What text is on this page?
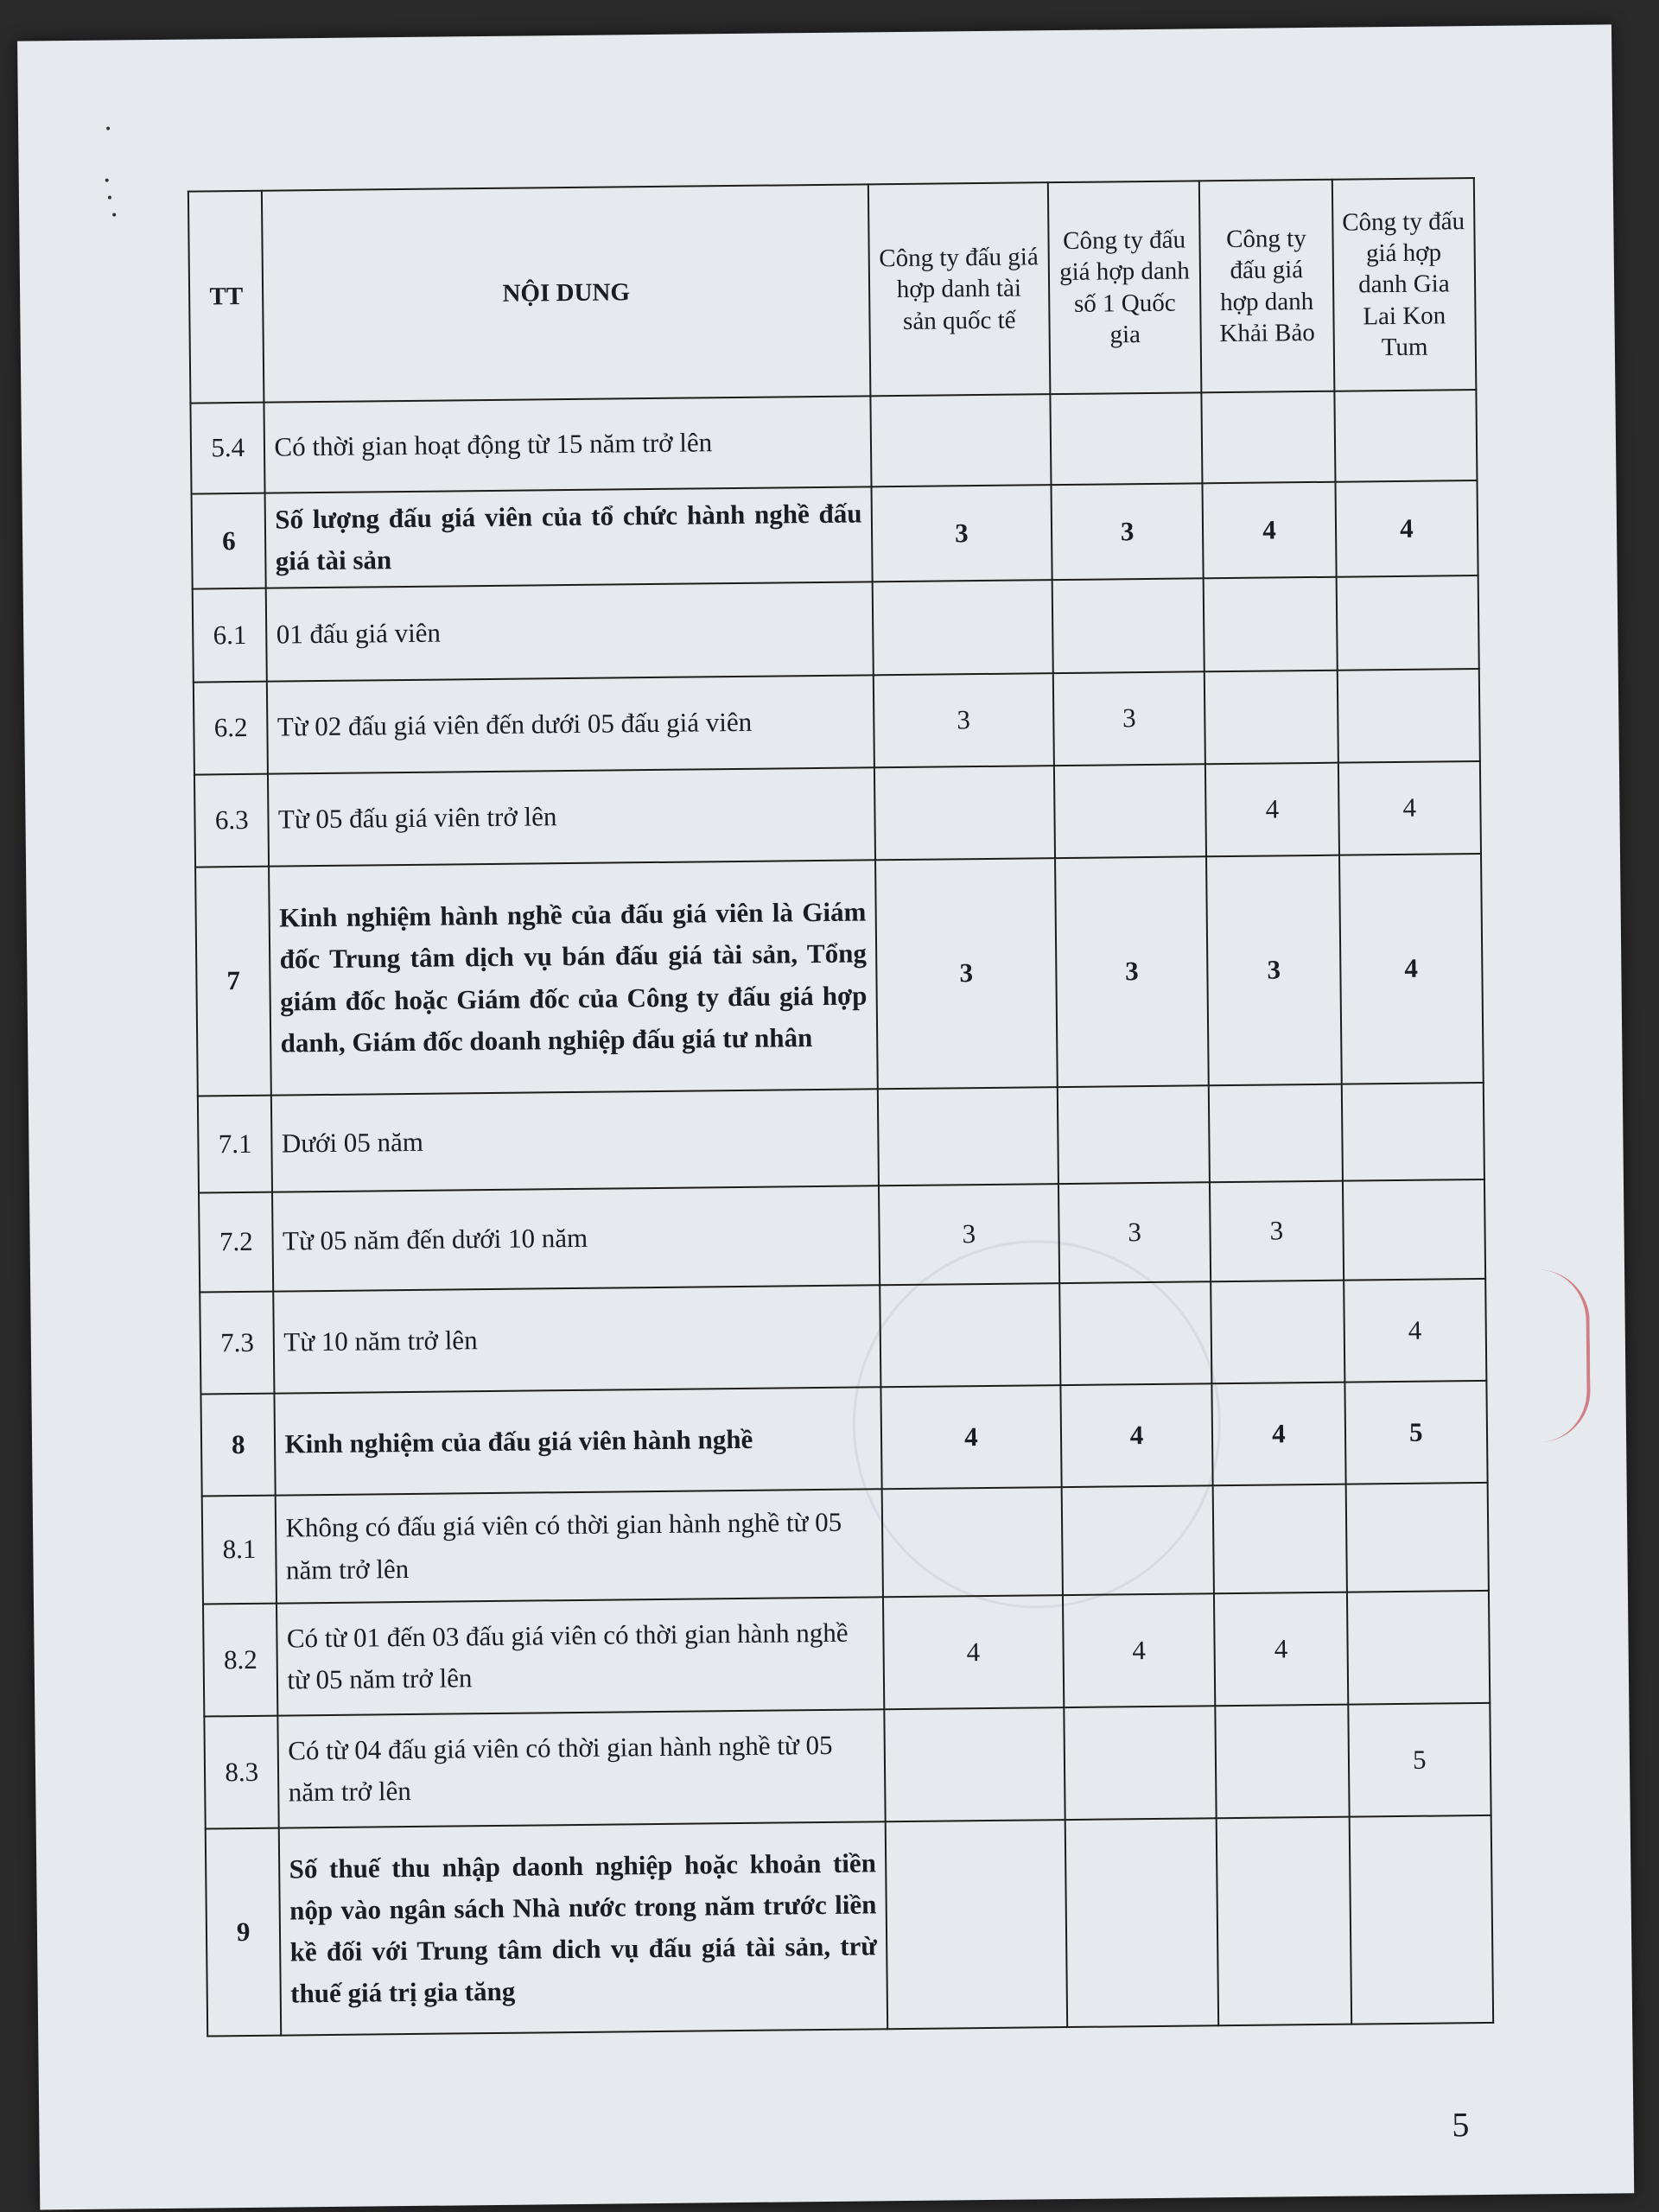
TT	NỘI DUNG	Công ty đấu giá hợp danh tài sản quốc tế	Công ty đấu giá hợp danh số 1 Quốc gia	Công ty đấu giá hợp danh Khải Bảo	Công ty đấu giá hợp danh Gia Lai Kon Tum
5.4	Có thời gian hoạt động từ 15 năm trở lên				
6	Số lượng đấu giá viên của tổ chức hành nghề đấu giá tài sản	3	3	4	4
6.1	01 đấu giá viên				
6.2	Từ 02 đấu giá viên đến dưới 05 đấu giá viên	3	3		
6.3	Từ 05 đấu giá viên trở lên			4	4
7	Kinh nghiệm hành nghề của đấu giá viên là Giám đốc Trung tâm dịch vụ bán đấu giá tài sản, Tổng giám đốc hoặc Giám đốc của Công ty đấu giá hợp danh, Giám đốc doanh nghiệp đấu giá tư nhân	3	3	3	4
7.1	Dưới 05 năm				
7.2	Từ 05 năm đến dưới 10 năm	3	3	3	
7.3	Từ 10 năm trở lên				4
8	Kinh nghiệm của đấu giá viên hành nghề	4	4	4	5
8.1	Không có đấu giá viên có thời gian hành nghề từ 05 năm trở lên				
8.2	Có từ 01 đến 03 đấu giá viên có thời gian hành nghề từ 05 năm trở lên	4	4	4	
8.3	Có từ 04 đấu giá viên có thời gian hành nghề từ 05 năm trở lên				5
9	Số thuế thu nhập daonh nghiệp hoặc khoản tiền nộp vào ngân sách Nhà nước trong năm trước liền kề đối với Trung tâm dich vụ đấu giá tài sản, trừ thuế giá trị gia tăng				
5
